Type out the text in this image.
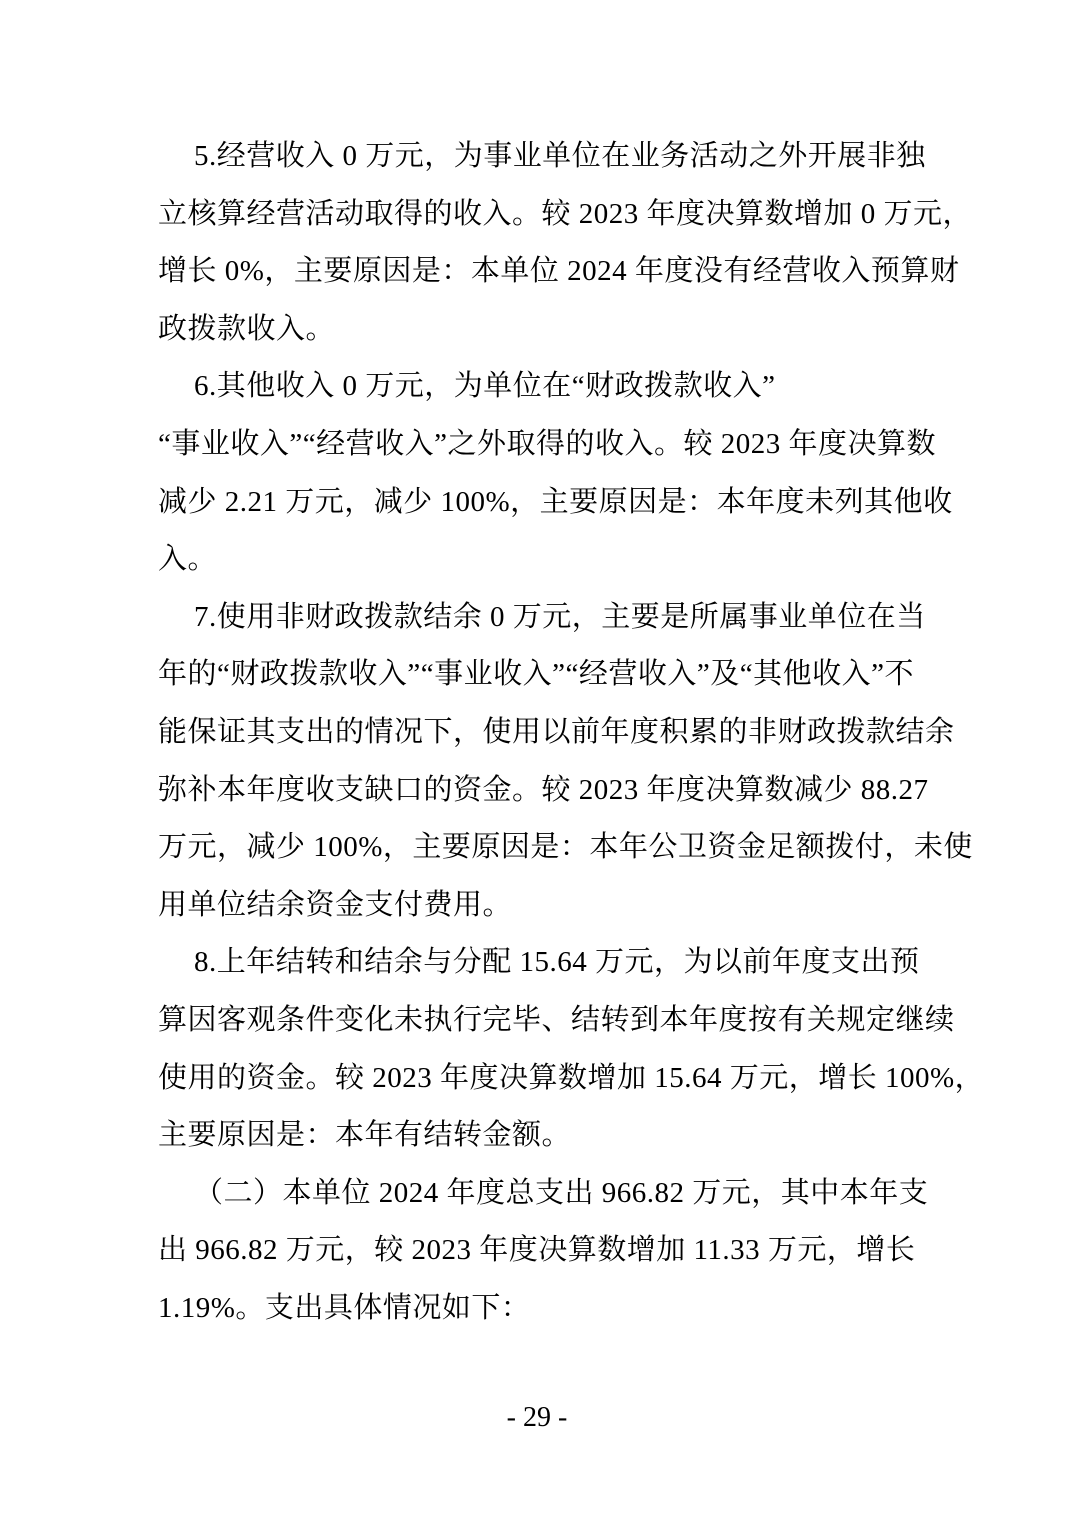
5.经营收入 0 万元，为事业单位在业务活动之外开展非独
立核算经营活动取得的收入。较 2023 年度决算数增加 0 万元，
增长 0%，主要原因是：本单位 2024 年度没有经营收入预算财
政拨款收入。
6.其他收入 0 万元，为单位在“财政拨款收入”
“事业收入”“经营收入”之外取得的收入。较 2023 年度决算数
减少 2.21 万元，减少 100%，主要原因是：本年度未列其他收
入。
7.使用非财政拨款结余 0 万元，主要是所属事业单位在当
年的“财政拨款收入”“事业收入”“经营收入”及“其他收入”不
能保证其支出的情况下，使用以前年度积累的非财政拨款结余
弥补本年度收支缺口的资金。较 2023 年度决算数减少 88.27
万元，减少 100%，主要原因是：本年公卫资金足额拨付，未使
用单位结余资金支付费用。
8.上年结转和结余与分配 15.64 万元，为以前年度支出预
算因客观条件变化未执行完毕、结转到本年度按有关规定继续
使用的资金。较 2023 年度决算数增加 15.64 万元，增长 100%，
主要原因是：本年有结转金额。
（二）本单位 2024 年度总支出 966.82 万元，其中本年支
出 966.82 万元，较 2023 年度决算数增加 11.33 万元，增长
1.19%。支出具体情况如下：
- 29 -
